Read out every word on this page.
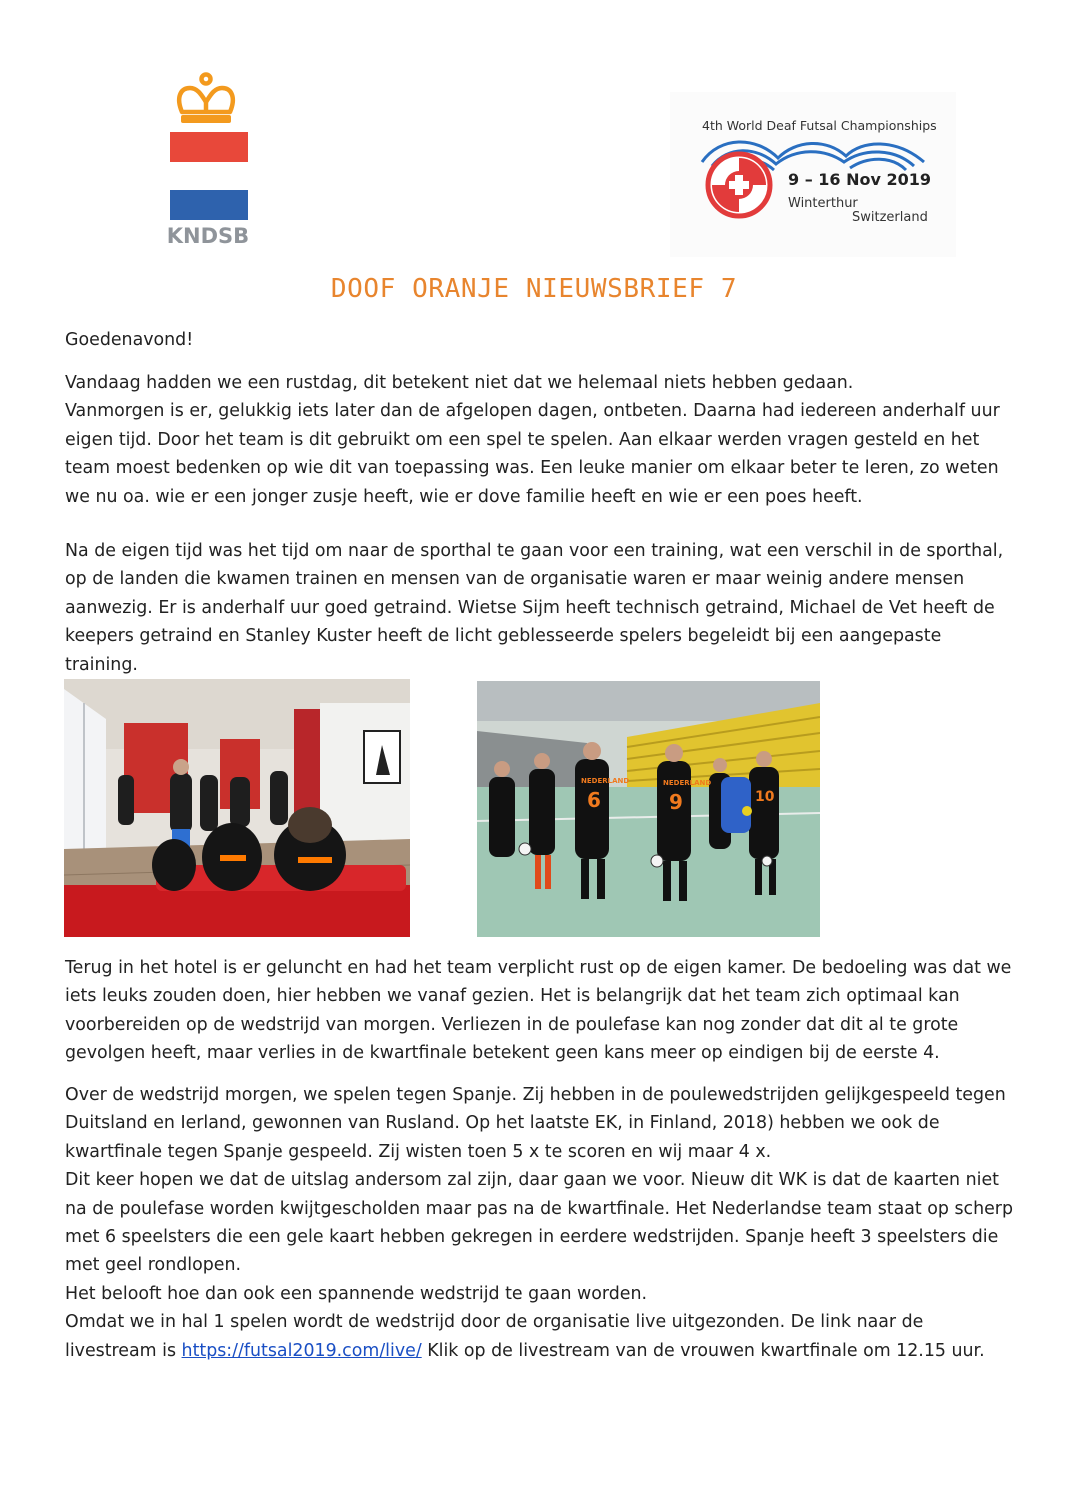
KNDSB
4th World Deaf Futsal Championships
9 – 16 Nov 2019
Winterthur
Switzerland
DOOF ORANJE NIEUWSBRIEF 7
Goedenavond!

Vandaag hadden we een rustdag, dit betekent niet dat we helemaal niets hebben gedaan.

Vanmorgen is er, gelukkig iets later dan de afgelopen dagen, ontbeten. Daarna had iedereen anderhalf uur eigen tijd. Door het team is dit gebruikt om een spel te spelen. Aan elkaar werden vragen gesteld en het team moest bedenken op wie dit van toepassing was. Een leuke manier om elkaar beter te leren, zo weten we nu oa. wie er een jonger zusje heeft, wie er dove familie heeft en wie er een poes heeft.

Na de eigen tijd was het tijd om naar de sporthal te gaan voor een training, wat een verschil in de sporthal, op de landen die kwamen trainen en mensen van de organisatie waren er maar weinig andere mensen aanwezig. Er is anderhalf uur goed getraind. Wietse Sijm heeft technisch getraind, Michael de Vet heeft de keepers getraind en Stanley Kuster heeft de licht geblesseerde spelers begeleidt bij een aangepaste training.

NEDERLAND
6
NEDERLAND
9	10

Terug in het hotel is er geluncht en had het team verplicht rust op de eigen kamer. De bedoeling was dat we iets leuks zouden doen, hier hebben we vanaf gezien. Het is belangrijk dat het team zich optimaal kan voorbereiden op de wedstrijd van morgen. Verliezen in de poulefase kan nog zonder dat dit al te grote gevolgen heeft, maar verlies in de kwartfinale betekent geen kans meer op eindigen bij de eerste 4.

Over de wedstrijd morgen, we spelen tegen Spanje. Zij hebben in de poulewedstrijden gelijkgespeeld tegen Duitsland en Ierland, gewonnen van Rusland. Op het laatste EK, in Finland, 2018) hebben we ook de kwartfinale tegen Spanje gespeeld. Zij wisten toen 5 x te scoren en wij maar 4 x.

Dit keer hopen we dat de uitslag andersom zal zijn, daar gaan we voor. Nieuw dit WK is dat de kaarten niet na de poulefase worden kwijtgescholden maar pas na de kwartfinale. Het Nederlandse team staat op scherp met 6 speelsters die een gele kaart hebben gekregen in eerdere wedstrijden. Spanje heeft 3 speelsters die met geel rondlopen.

Het belooft hoe dan ook een spannende wedstrijd te gaan worden.

Omdat we in hal 1 spelen wordt de wedstrijd door de organisatie live uitgezonden. De link naar de livestream is https://futsal2019.com/live/ Klik op de livestream van de vrouwen kwartfinale om 12.15 uur.
